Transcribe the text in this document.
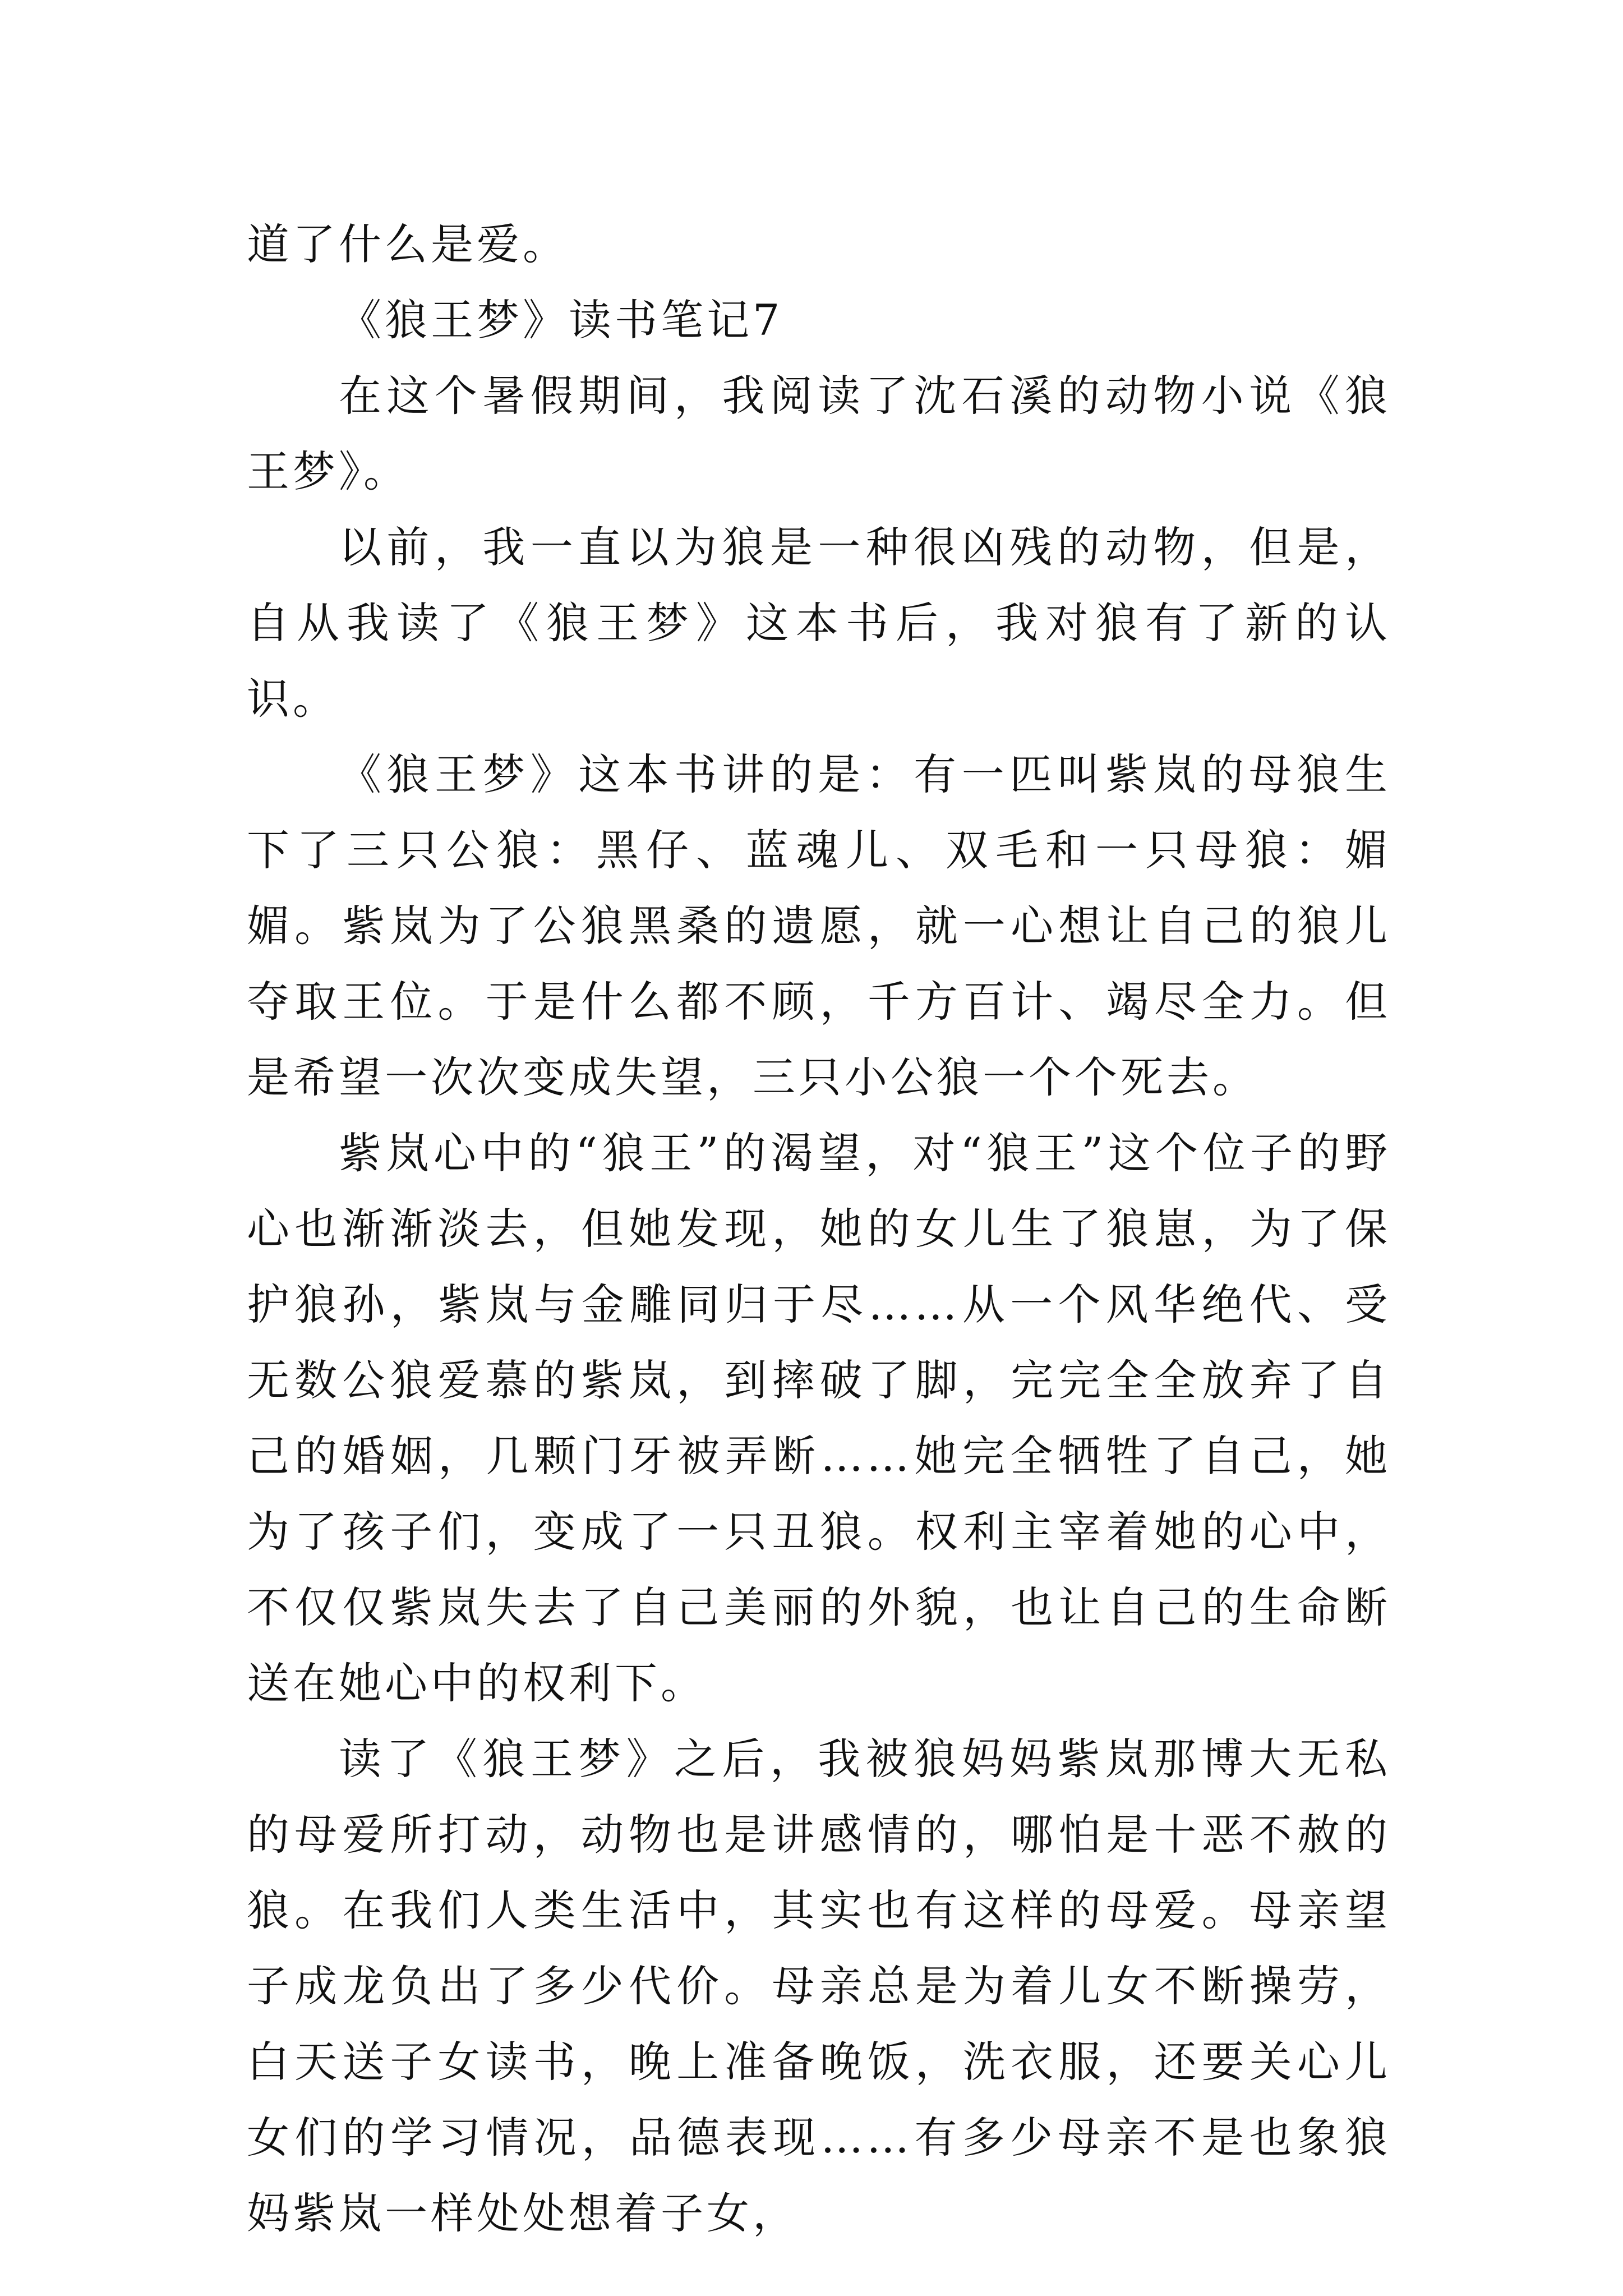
道了什么是爱。

《狼王梦》读书笔记7

在这个暑假期间，我阅读了沈石溪的动物小说《狼王梦》。

以前，我一直以为狼是一种很凶残的动物，但是，自从我读了《狼王梦》这本书后，我对狼有了新的认识。

《狼王梦》这本书讲的是：有一匹叫紫岚的母狼生下了三只公狼：黑仔、蓝魂儿、双毛和一只母狼：媚媚。紫岚为了公狼黑桑的遗愿，就一心想让自己的狼儿夺取王位。于是什么都不顾，千方百计、竭尽全力。但是希望一次次变成失望，三只小公狼一个个死去。

紫岚心中的“狼王”的渴望，对“狼王”这个位子的野心也渐渐淡去，但她发现，她的女儿生了狼崽，为了保护狼孙，紫岚与金雕同归于尽……从一个风华绝代、受无数公狼爱慕的紫岚，到摔破了脚，完完全全放弃了自己的婚姻，几颗门牙被弄断……她完全牺牲了自己，她为了孩子们，变成了一只丑狼。权利主宰着她的心中，不仅仅紫岚失去了自己美丽的外貌，也让自己的生命断送在她心中的权利下。

读了《狼王梦》之后，我被狼妈妈紫岚那博大无私的母爱所打动，动物也是讲感情的，哪怕是十恶不赦的狼。在我们人类生活中，其实也有这样的母爱。母亲望子成龙负出了多少代价。母亲总是为着儿女不断操劳，白天送子女读书，晚上准备晚饭，洗衣服，还要关心儿女们的学习情况，品德表现……有多少母亲不是也象狼妈紫岚一样处处想着子女，
